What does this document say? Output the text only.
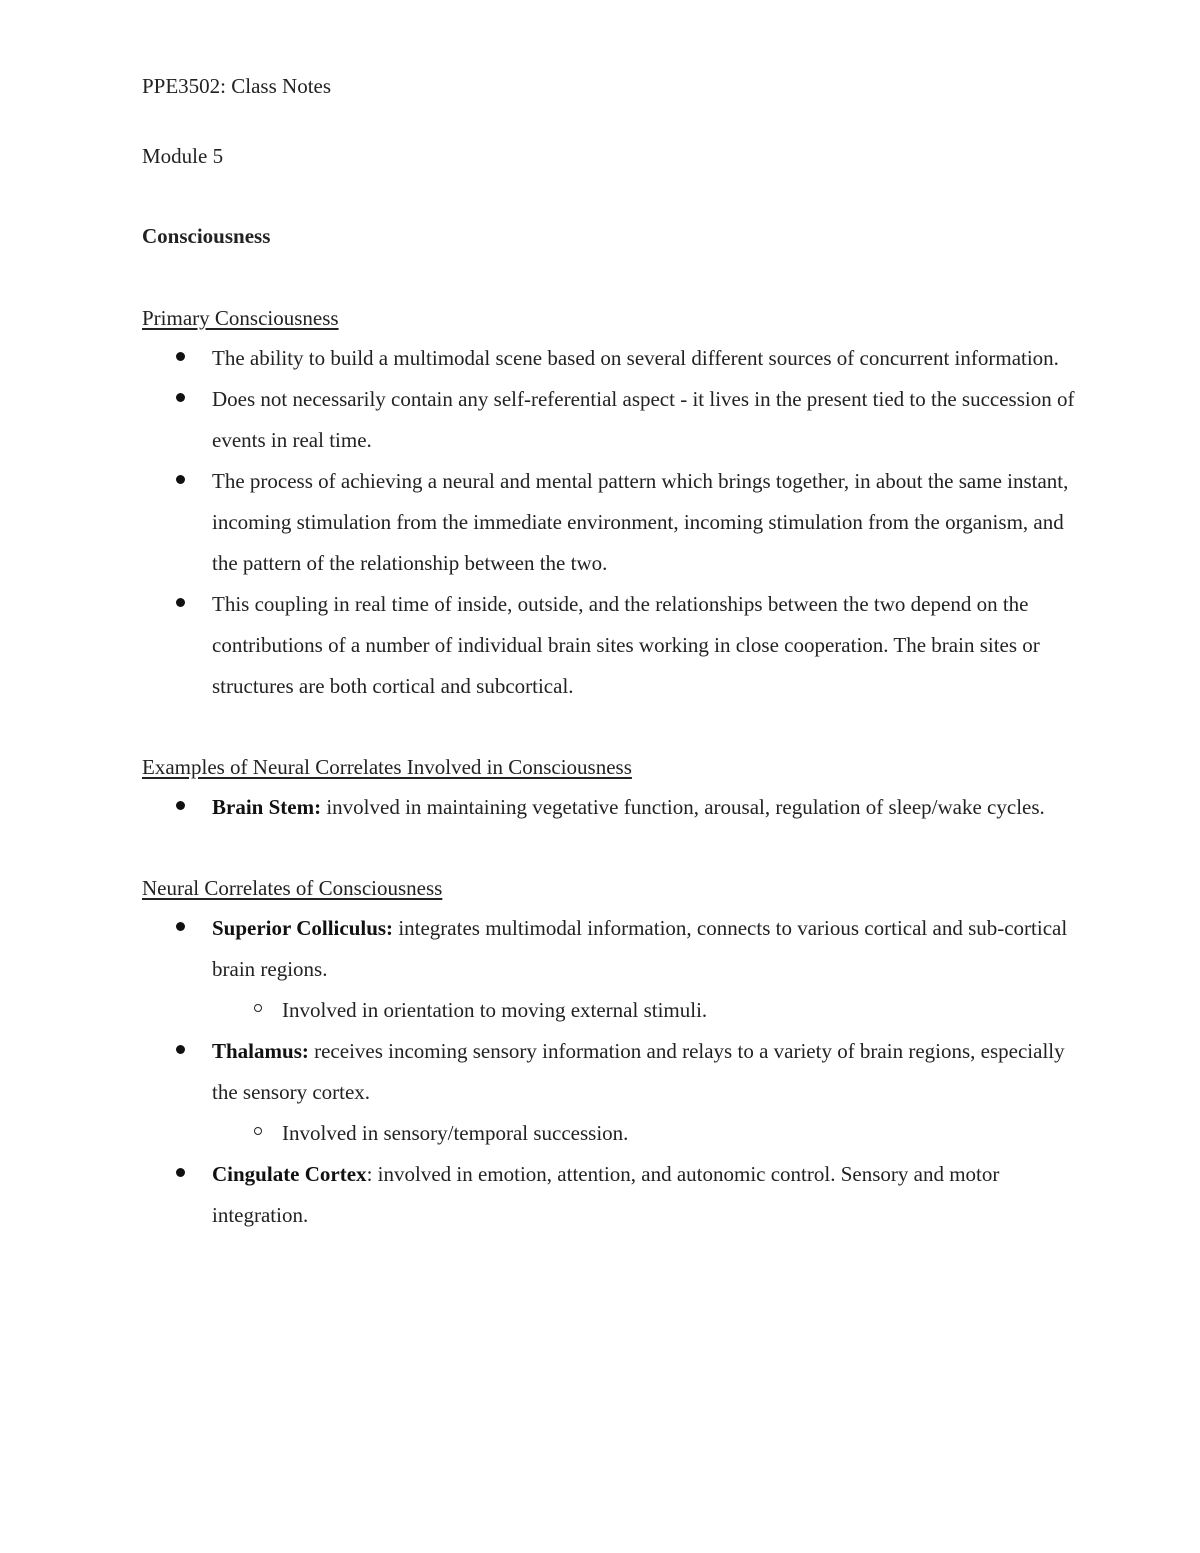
PPE3502: Class Notes

Module 5

Consciousness

Primary Consciousness

The ability to build a multimodal scene based on several different sources of concurrent information.
Does not necessarily contain any self-referential aspect - it lives in the present tied to the succession of events in real time.
The process of achieving a neural and mental pattern which brings together, in about the same instant, incoming stimulation from the immediate environment, incoming stimulation from the organism, and the pattern of the relationship between the two.
This coupling in real time of inside, outside, and the relationships between the two depend on the contributions of a number of individual brain sites working in close cooperation. The brain sites or structures are both cortical and subcortical.

Examples of Neural Correlates Involved in Consciousness

Brain Stem: involved in maintaining vegetative function, arousal, regulation of sleep/wake cycles.

Neural Correlates of Consciousness

Superior Colliculus: integrates multimodal information, connects to various cortical and sub-cortical brain regions.
Involved in orientation to moving external stimuli.
Thalamus: receives incoming sensory information and relays to a variety of brain regions, especially the sensory cortex.
Involved in sensory/temporal succession.
Cingulate Cortex: involved in emotion, attention, and autonomic control. Sensory and motor integration.
